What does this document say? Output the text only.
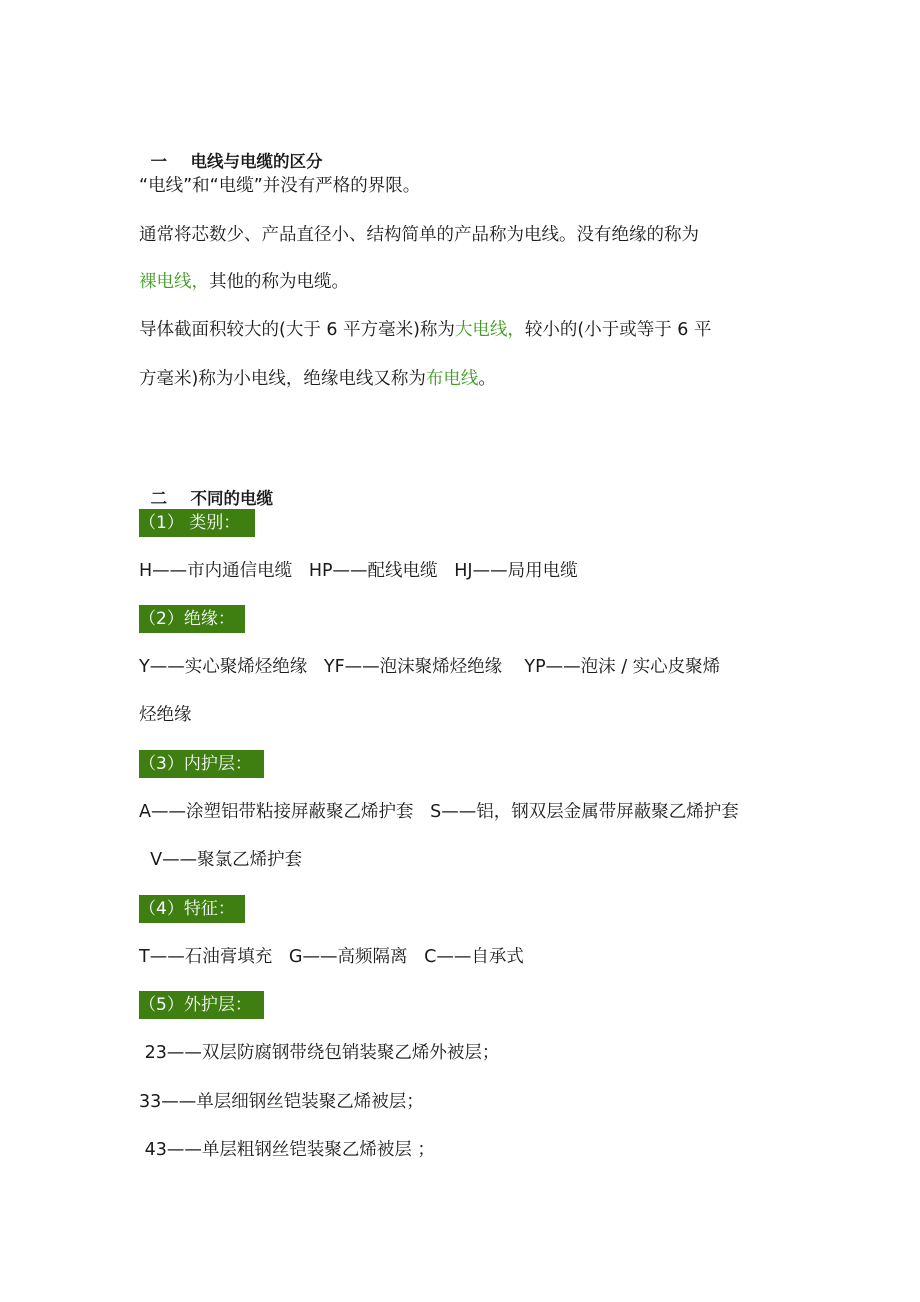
一 电线与电缆的区分

“电线”和“电缆”并没有严格的界限。
通常将芯数少、产品直径小、结构简单的产品称为电线。没有绝缘的称为
裸电线，其他的称为电缆。
导体截面积较大的(大于 6 平方毫米)称为大电线，较小的(小于或等于 6 平
方毫米)称为小电线，绝缘电线又称为布电线。

二 不同的电缆

（1） 类别：
H——市内通信电缆   HP——配线电缆   HJ——局用电缆
（2）绝缘：
Y——实心聚烯烃绝缘   YF——泡沫聚烯烃绝缘    YP——泡沫 / 实心皮聚烯
烃绝缘
（3）内护层：
A——涂塑铝带粘接屏蔽聚乙烯护套   S——铝，钢双层金属带屏蔽聚乙烯护套
V——聚氯乙烯护套
（4）特征：
T——石油膏填充   G——高频隔离   C——自承式
（5）外护层：
23——双层防腐钢带绕包销装聚乙烯外被层；
33——单层细钢丝铠装聚乙烯被层；
43——单层粗钢丝铠装聚乙烯被层 ；
